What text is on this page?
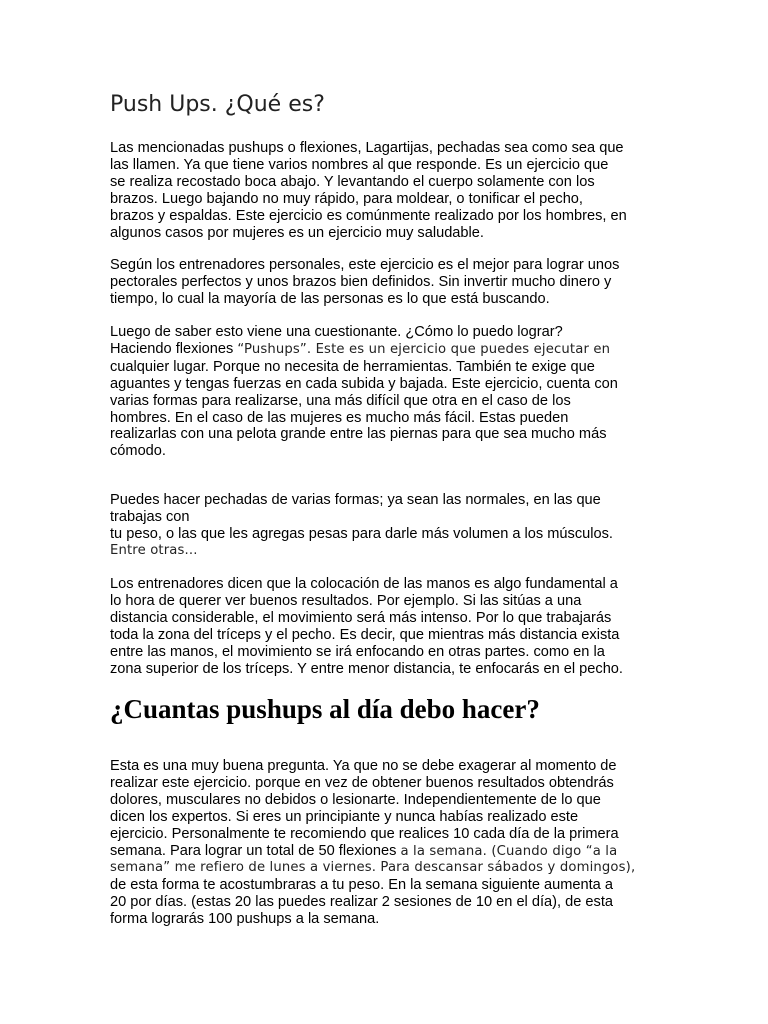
Push Ups. ¿Qué es?
Las mencionadas pushups o flexiones, Lagartijas, pechadas sea como sea que
las llamen. Ya que tiene varios nombres al que responde. Es un ejercicio que
se realiza recostado boca abajo. Y levantando el cuerpo solamente con los
brazos. Luego bajando no muy rápido, para moldear, o tonificar el pecho,
brazos y espaldas. Este ejercicio es comúnmente realizado por los hombres, en
algunos casos por mujeres es un ejercicio muy saludable.
Según los entrenadores personales, este ejercicio es el mejor para lograr unos
pectorales perfectos y unos brazos bien definidos. Sin invertir mucho dinero y
tiempo, lo cual la mayoría de las personas es lo que está buscando.
Luego de saber esto viene una cuestionante. ¿Cómo lo puedo lograr?
Haciendo flexiones “Pushups”. Este es un ejercicio que puedes ejecutar en
cualquier lugar. Porque no necesita de herramientas. También te exige que
aguantes y tengas fuerzas en cada subida y bajada. Este ejercicio, cuenta con
varias formas para realizarse, una más difícil que otra en el caso de los
hombres. En el caso de las mujeres es mucho más fácil. Estas pueden
realizarlas con una pelota grande entre las piernas para que sea mucho más
cómodo.
Puedes hacer pechadas de varias formas; ya sean las normales, en las que
trabajas con
tu peso, o las que les agregas pesas para darle más volumen a los músculos.
Entre otras...
Los entrenadores dicen que la colocación de las manos es algo fundamental a
lo hora de querer ver buenos resultados. Por ejemplo. Si las sitúas a una
distancia considerable, el movimiento será más intenso. Por lo que trabajarás
toda la zona del tríceps y el pecho. Es decir, que mientras más distancia exista
entre las manos, el movimiento se irá enfocando en otras partes. como en la
zona superior de los tríceps. Y entre menor distancia, te enfocarás en el pecho.
¿Cuantas pushups al día debo hacer?
Esta es una muy buena pregunta. Ya que no se debe exagerar al momento de
realizar este ejercicio. porque en vez de obtener buenos resultados obtendrás
dolores, musculares no debidos o lesionarte. Independientemente de lo que
dicen los expertos. Si eres un principiante y nunca habías realizado este
ejercicio. Personalmente te recomiendo que realices 10 cada día de la primera
semana. Para lograr un total de 50 flexiones a la semana. (Cuando digo “a la
semana” me refiero de lunes a viernes. Para descansar sábados y domingos),
de esta forma te acostumbraras a tu peso. En la semana siguiente aumenta a
20 por días. (estas 20 las puedes realizar 2 sesiones de 10 en el día), de esta
forma lograrás 100 pushups a la semana.
